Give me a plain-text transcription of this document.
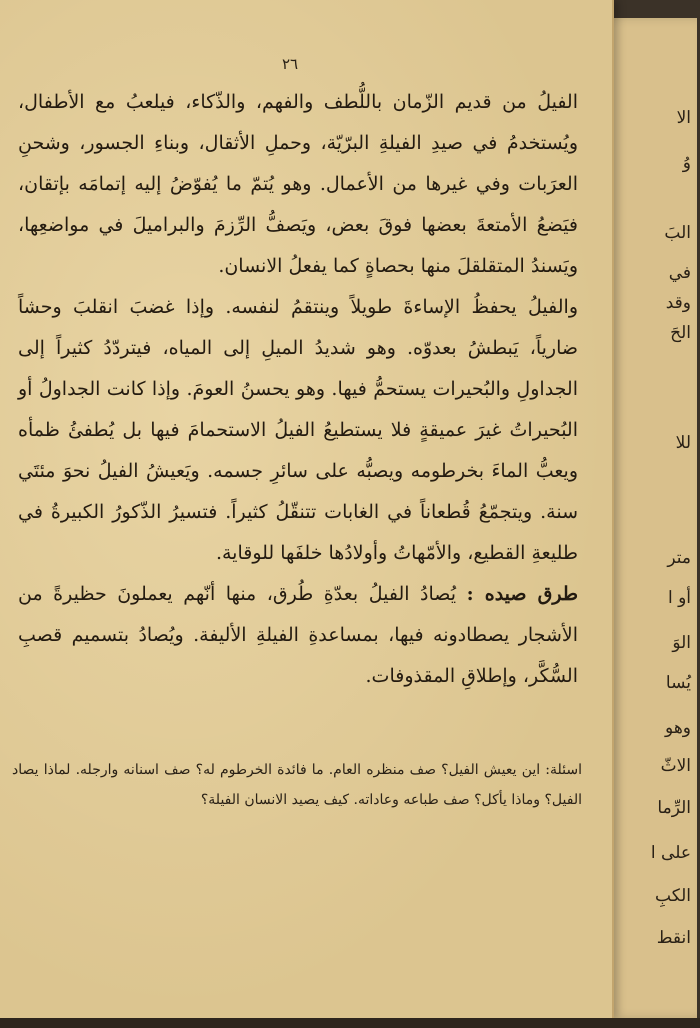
الا
وُ
البَ
في
وقد
الحَ
للا
متر
أو ا
الوَ
يُسا
وهو
الاثّ
الرِّما
على ا
الكبِ
انقط
٢٦

الفيلُ من قديم الزّمان باللُّطف والفهم، والذّكاء، فيلعبُ مع الأطفال، ويُستخدمُ في صيدِ الفيلةِ البرّيّة، وحملِ الأثقال، وبناءِ الجسور، وشحنِ العرَبات وفي غيرها من الأعمال. وهو يُتمّ ما يُفوّضُ إليه إتمامَه بإتقان، فيَضعُ الأمتعةَ بعضها فوقَ بعض، ويَصفُّ الرِّزمَ والبراميلَ في مواضعِها، ويَسندُ المتقلقلَ منها بحصاةٍ كما يفعلُ الانسان.

والفيلُ يحفظُ الإساءةَ طويلاً وينتقمُ لنفسه. وإذا غضبَ انقلبَ وحشاً ضارياً، يَبطشُ بعدوّه. وهو شديدُ الميلِ إلى المياه، فيتردّدُ كثيراً إلى الجداولِ والبُحيرات يستحمُّ فيها. وهو يحسنُ العومَ. وإذا كانت الجداولُ أو البُحيراتُ غيرَ عميقةٍ فلا يستطيعُ الفيلُ الاستحمامَ فيها بل يُطفئُ ظمأه ويعبُّ الماءَ بخرطومه ويصبُّه على سائرِ جسمه. ويَعيشُ الفيلُ نحوَ مئتَي سنة. ويتجمّعُ قُطعاناً في الغابات تتنقّلُ كثيراً. فتسيرُ الذّكورُ الكبيرةُ في طليعةِ القطيع، والأمّهاتُ وأولادُها خلفَها للوقاية.

طرق صيده : يُصادُ الفيلُ بعدّةِ طُرق، منها أنّهم يعملونَ حظيرةً من الأشجار يصطادونه فيها، بمساعدةِ الفيلةِ الأليفة. ويُصادُ بتسميم قصبِ السُّكَّر، وإطلاقِ المقذوفات.

اسئلة: اين يعيش الفيل؟ صف منظره العام. ما فائدة الخرطوم له؟ صف اسنانه وارجله. لماذا يصاد الفيل؟ وماذا يأكل؟ صف طباعه وعاداته. كيف يصيد الانسان الفيلة؟
